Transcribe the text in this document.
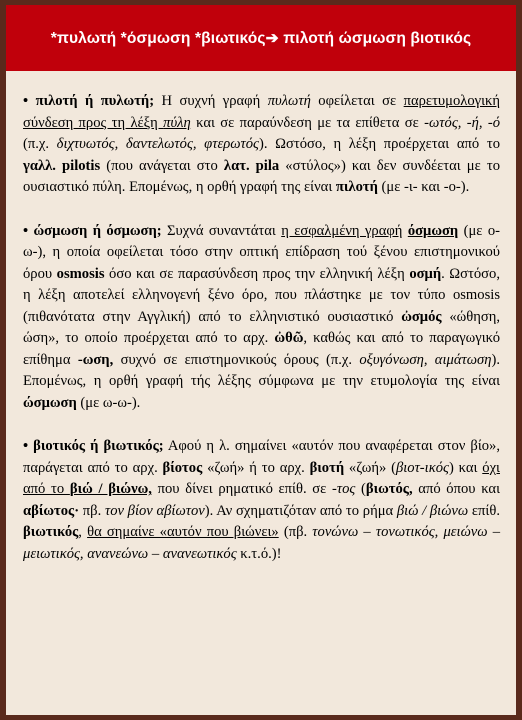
*πυλωτή *όσμωση *βιωτικός➔ πιλοτή ώσμωση βιοτικός

• πιλοτή ή πυλωτή; Η συχνή γραφή πυλωτή οφείλεται σε παρετυμολογική σύνδεση προς τη λέξη πύλη και σε παραύνδεση με τα επίθετα σε -ωτός, -ή, -ό (π.χ. διχτυωτός, δαντελωτός, φτερωτός). Ωστόσο, η λέξη προέρχεται από το γαλλ. pilotis (που ανάγεται στο λατ. pila «στύλος») και δεν συνδέεται με το ουσιαστικό πύλη. Επομένως, η ορθή γραφή της είναι πιλοτή (με -ι- και -ο-).

• ώσμωση ή όσμωση; Συχνά συναντάται η εσφαλμένη γραφή όσμωση (με ο-ω-), η οποία οφείλεται τόσο στην οπτική επίδραση τού ξένου επιστημονικού όρου osmosis όσο και σε παρασύνδεση προς την ελληνική λέξη οσμή. Ωστόσο, η λέξη αποτελεί ελληνογενή ξένο όρο, που πλάστηκε με τον τύπο osmosis (πιθανότατα στην Αγγλική) από το ελληνιστικό ουσιαστικό ὠσμός «ώθηση, ώση», το οποίο προέρχεται από το αρχ. ὠθῶ, καθώς και από το παραγωγικό επίθημα -ωση, συχνό σε επιστημονικούς όρους (π.χ. οξυγόνωση, αιμάτωση). Επομένως, η ορθή γραφή τής λέξης σύμφωνα με την ετυμολογία της είναι ώσμωση (με ω-ω-).

• βιοτικός ή βιωτικός; Αφού η λ. σημαίνει «αυτόν που αναφέρεται στον βίο», παράγεται από το αρχ. βίοτος «ζωή» ή το αρχ. βιοτή «ζωή» (βιοτ-ικός) και όχι από το βιώ / βιώνω, που δίνει ρηματικό επίθ. σε -τος (βιωτός, από όπου και αβίωτος· πβ. τον βίον αβίωτον). Αν σχηματιζόταν από το ρήμα βιώ / βιώνω επίθ. βιωτικός, θα σημαίνε «αυτόν που βιώνει» (πβ. τονώνω – τονωτικός, μειώνω – μειωτικός, ανανεώνω – ανανεωτικός κ.τ.ό.)!
